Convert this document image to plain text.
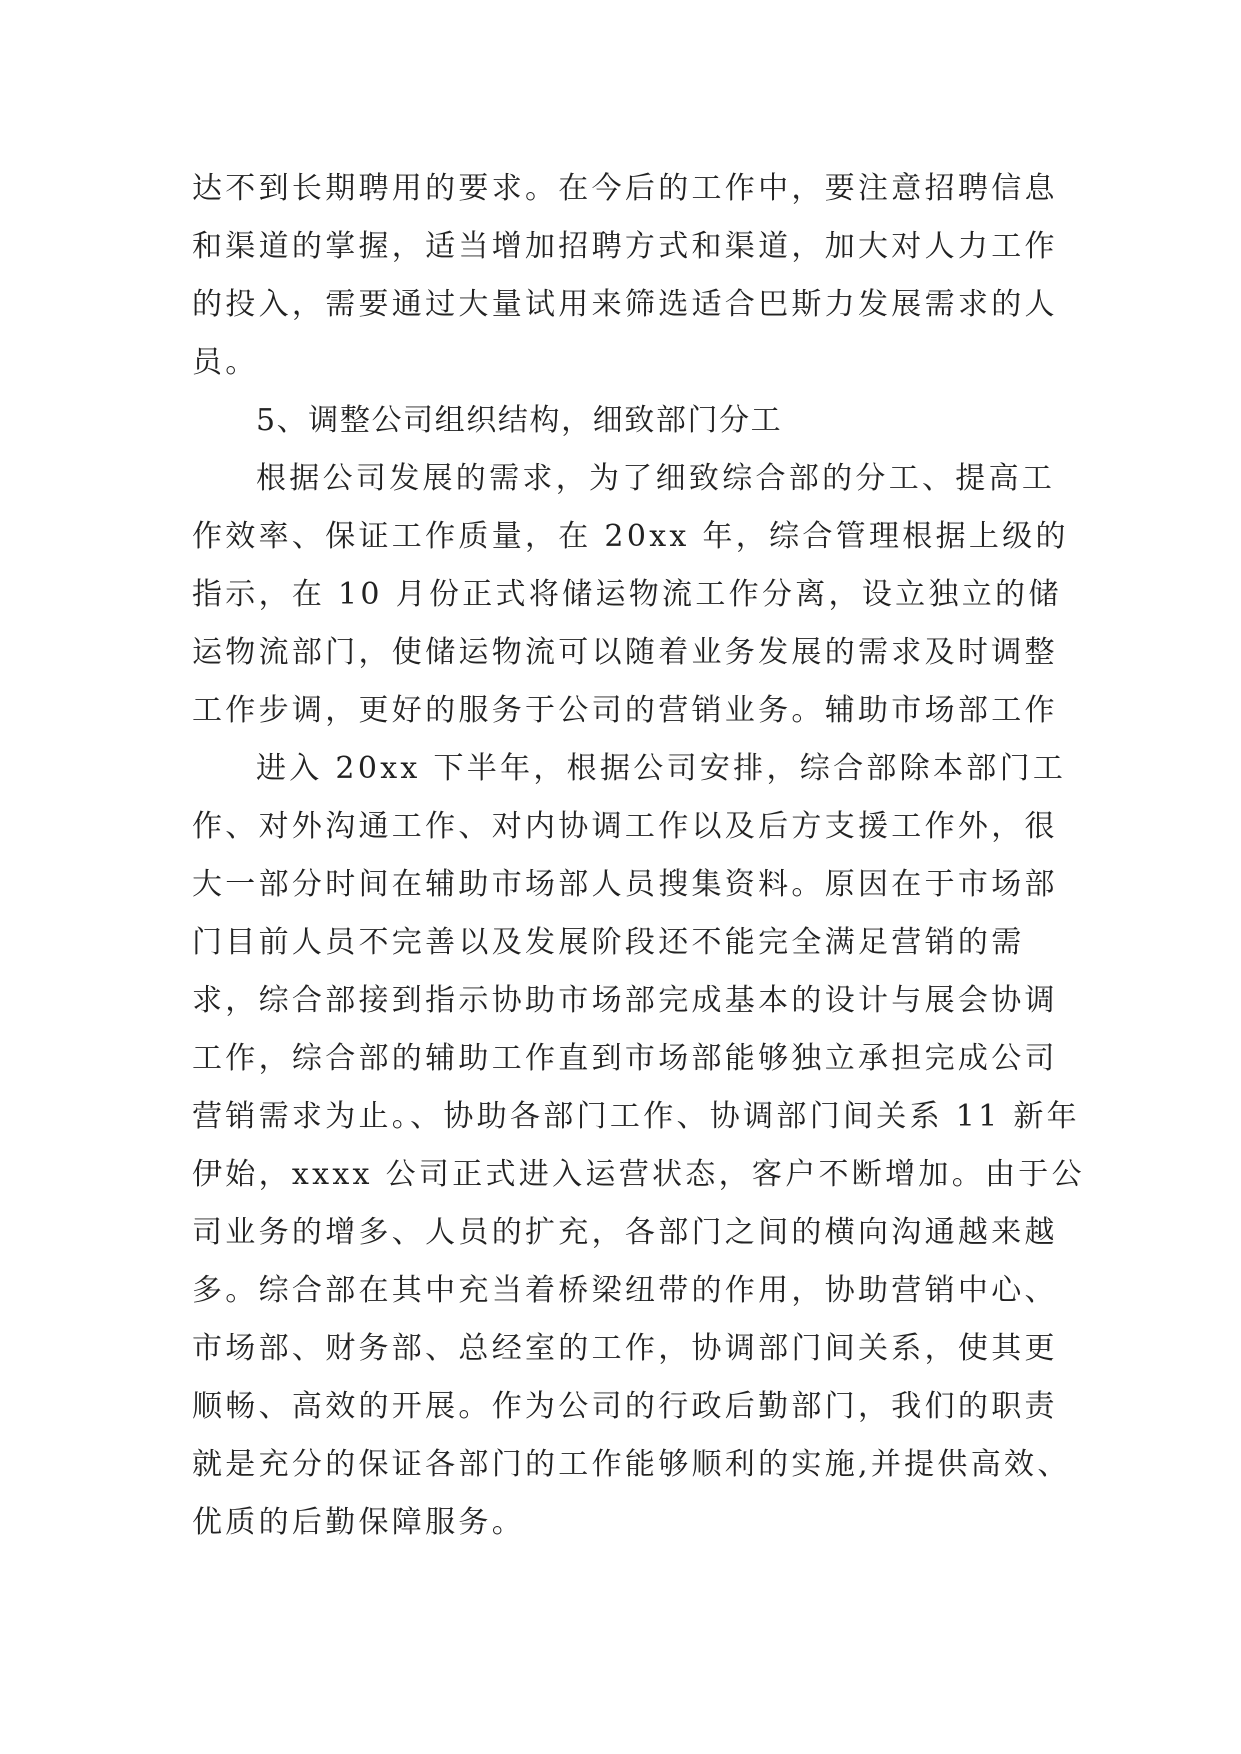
达不到长期聘用的要求。在今后的工作中，要注意招聘信息
和渠道的掌握，适当增加招聘方式和渠道，加大对人力工作
的投入，需要通过大量试用来筛选适合巴斯力发展需求的人
员。
5、调整公司组织结构，细致部门分工
根据公司发展的需求，为了细致综合部的分工、提高工
作效率、保证工作质量，在 20xx 年，综合管理根据上级的
指示，在 10 月份正式将储运物流工作分离，设立独立的储
运物流部门，使储运物流可以随着业务发展的需求及时调整
工作步调，更好的服务于公司的营销业务。辅助市场部工作
进入 20xx 下半年，根据公司安排，综合部除本部门工
作、对外沟通工作、对内协调工作以及后方支援工作外，很
大一部分时间在辅助市场部人员搜集资料。原因在于市场部
门目前人员不完善以及发展阶段还不能完全满足营销的需
求，综合部接到指示协助市场部完成基本的设计与展会协调
工作，综合部的辅助工作直到市场部能够独立承担完成公司
营销需求为止。、协助各部门工作、协调部门间关系 11 新年
伊始，xxxx 公司正式进入运营状态，客户不断增加。由于公
司业务的增多、人员的扩充，各部门之间的横向沟通越来越
多。综合部在其中充当着桥梁纽带的作用，协助营销中心、
市场部、财务部、总经室的工作，协调部门间关系，使其更
顺畅、高效的开展。作为公司的行政后勤部门，我们的职责
就是充分的保证各部门的工作能够顺利的实施,并提供高效、
优质的后勤保障服务。
